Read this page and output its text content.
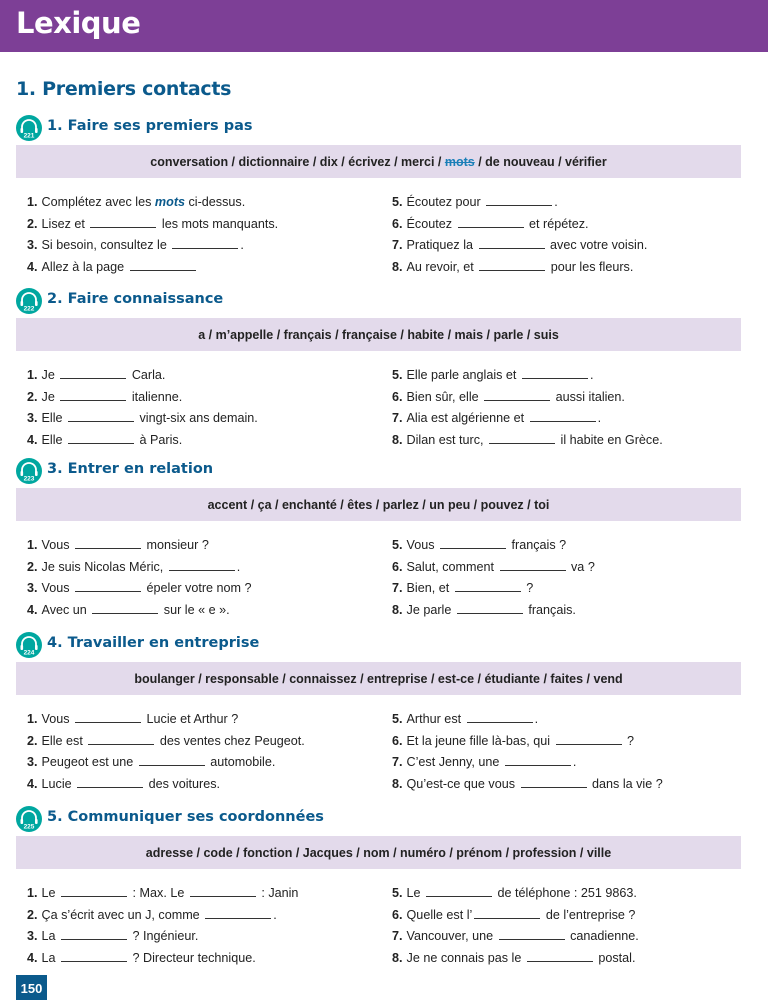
Lexique
1. Premiers contacts
221
1. Faire ses premiers pas
conversation / dictionnaire / dix / écrivez / merci / mots / de nouveau / vérifier
1. Complétez avec les mots ci-dessus.
2. Lisez et	les mots manquants.
3. Si besoin, consultez le	.
4. Allez à la page
5. Écoutez pour	.
6. Écoutez	et répétez.
7. Pratiquez la	avec votre voisin.
8. Au revoir, et	pour les fleurs.
222
2. Faire connaissance
a / m’appelle / français / française / habite / mais / parle / suis
1. Je	Carla.
2. Je	italienne.
3. Elle	vingt-six ans demain.
4. Elle	à Paris.
5. Elle parle anglais et	.
6. Bien sûr, elle	aussi italien.
7. Alia est algérienne et	.
8. Dilan est turc,	il habite en Grèce.
223
3. Entrer en relation
accent / ça / enchanté / êtes / parlez / un peu / pouvez / toi
1. Vous	monsieur ?
2. Je suis Nicolas Méric,	.
3. Vous	épeler votre nom ?
4. Avec un	sur le « e ».
5. Vous	français ?
6. Salut, comment	va ?
7. Bien, et	?
8. Je parle	français.
224
4. Travailler en entreprise
boulanger / responsable / connaissez / entreprise / est-ce / étudiante / faites / vend
1. Vous	Lucie et Arthur ?
2. Elle est	des ventes chez Peugeot.
3. Peugeot est une	automobile.
4. Lucie	des voitures.
5. Arthur est	.
6. Et la jeune fille là-bas, qui	?
7. C’est Jenny, une	.
8. Qu’est-ce que vous	dans la vie ?
225
5. Communiquer ses coordonnées
adresse / code / fonction / Jacques / nom / numéro / prénom / profession / ville
1. Le	: Max. Le	: Janin
2. Ça s’écrit avec un J, comme	.
3. La	? Ingénieur.
4. La	? Directeur technique.
5. Le	de téléphone : 251 9863.
6. Quelle est l’	de l’entreprise ?
7. Vancouver, une	canadienne.
8. Je ne connais pas le	postal.
150
